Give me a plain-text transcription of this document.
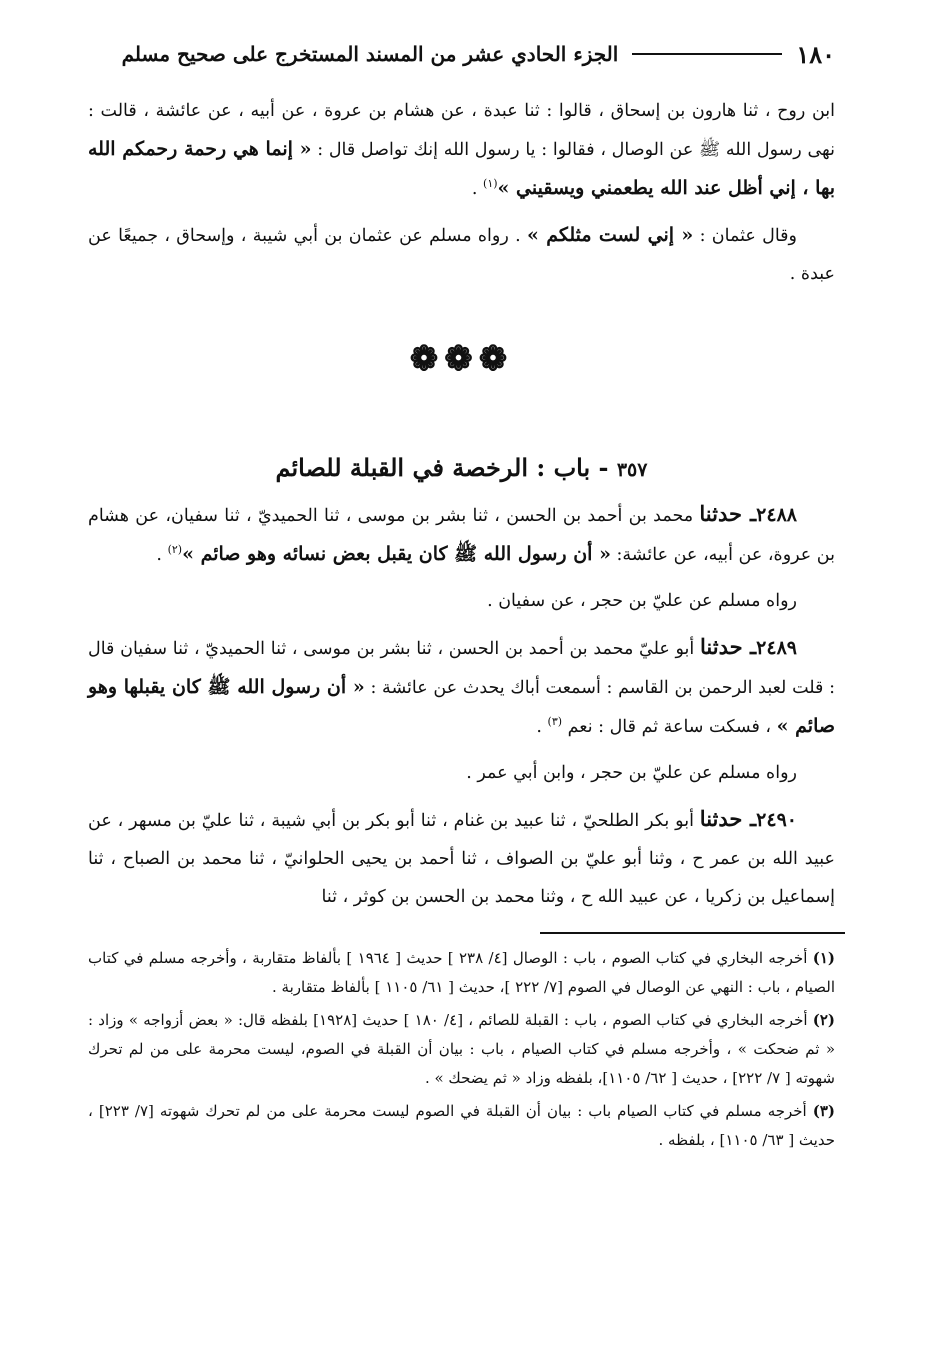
١٨٠
الجزء الحادي عشر من المسند المستخرج على صحيح مسلم

ابن روح ، ثنا هارون بن إسحاق ، قالوا : ثنا عبدة ، عن هشام بن عروة ، عن أبيه ، عن عائشة ، قالت : نهى رسول الله ﷺ عن الوصال ، فقالوا : يا رسول الله إنك تواصل قال : « إنما هي رحمة رحمكم الله بها ، إني أظل عند الله يطعمني ويسقيني »$^{(١)}$ .

وقال عثمان : « إني لست مثلكم » . رواه مسلم عن عثمان بن أبي شيبة ، وإسحاق ، جميعًا عن عبدة .

❁❁❁
٣٥٧ - باب : الرخصة في القبلة للصائم

٢٤٨٨ـ حدثنا محمد بن أحمد بن الحسن ، ثنا بشر بن موسى ، ثنا الحميديّ ، ثنا سفيان، عن هشام بن عروة، عن أبيه، عن عائشة: « أن رسول الله ﷺ كان يقبل بعض نسائه وهو صائم »$^{(٢)}$ .

رواه مسلم عن عليّ بن حجر ، عن سفيان .

٢٤٨٩ـ حدثنا أبو عليّ محمد بن أحمد بن الحسن ، ثنا بشر بن موسى ، ثنا الحميديّ ، ثنا سفيان قال : قلت لعبد الرحمن بن القاسم : أسمعت أباك يحدث عن عائشة : « أن رسول الله ﷺ كان يقبلها وهو صائم » ، فسكت ساعة ثم قال : نعم $^{(٣)}$ .

رواه مسلم عن عليّ بن حجر ، وابن أبي عمر .

٢٤٩٠ـ حدثنا أبو بكر الطلحيّ ، ثنا عبيد بن غنام ، ثنا أبو بكر بن أبي شيبة ، ثنا عليّ بن مسهر ، عن عبيد الله بن عمر ح ، وثنا أبو عليّ بن الصواف ، ثنا أحمد بن يحيى الحلوانيّ ، ثنا محمد بن الصباح ، ثنا إسماعيل بن زكريا ، عن عبيد الله ح ، وثنا محمد بن الحسن بن كوثر ، ثنا

(١) أخرجه البخاري في كتاب الصوم ، باب : الوصال [٤/ ٢٣٨ ] حديث [ ١٩٦٤ ] بألفاظ متقاربة ، وأخرجه مسلم في كتاب الصيام ، باب : النهي عن الوصال في الصوم [٧/ ٢٢٢ ]، حديث [ ٦١/ ١١٠٥ ] بألفاظ متقاربة .

(٢) أخرجه البخاري في كتاب الصوم ، باب : القبلة للصائم ، [٤/ ١٨٠ ] حديث [١٩٢٨] بلفظه قال: « بعض أزواجه » وزاد : « ثم ضحكت » ، وأخرجه مسلم في كتاب الصيام ، باب : بيان أن القبلة في الصوم، ليست محرمة على من لم تحرك شهوته [ ٧/ ٢٢٢] ، حديث [ ٦٢/ ١١٠٥]، بلفظه وزاد « ثم يضحك » .

(٣) أخرجه مسلم في كتاب الصيام باب : بيان أن القبلة في الصوم ليست محرمة على من لم تحرك شهوته [٧/ ٢٢٣] ، حديث [ ٦٣/ ١١٠٥] ، بلفظه .
